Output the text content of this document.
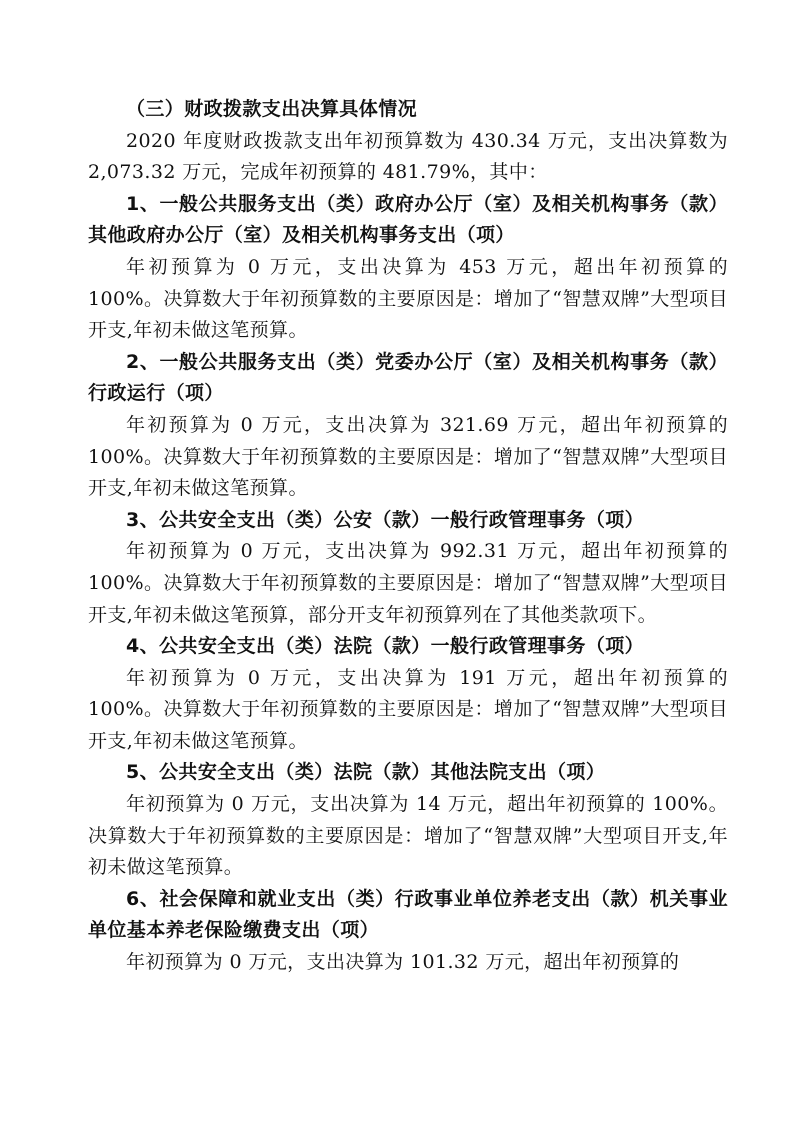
（三）财政拨款支出决算具体情况

2020 年度财政拨款支出年初预算数为 430.34 万元，支出决算数为 2,073.32 万元，完成年初预算的 481.79%，其中：

1、一般公共服务支出（类）政府办公厅（室）及相关机构事务（款）其他政府办公厅（室）及相关机构事务支出（项）

年初预算为 0 万元，支出决算为 453 万元，超出年初预算的 100%。决算数大于年初预算数的主要原因是：增加了“智慧双牌”大型项目开支,年初未做这笔预算。

2、一般公共服务支出（类）党委办公厅（室）及相关机构事务（款）行政运行（项）

年初预算为 0 万元，支出决算为 321.69 万元，超出年初预算的 100%。决算数大于年初预算数的主要原因是：增加了“智慧双牌”大型项目开支,年初未做这笔预算。

3、公共安全支出（类）公安（款）一般行政管理事务（项）

年初预算为 0 万元，支出决算为 992.31 万元，超出年初预算的 100%。决算数大于年初预算数的主要原因是：增加了“智慧双牌”大型项目开支,年初未做这笔预算，部分开支年初预算列在了其他类款项下。

4、公共安全支出（类）法院（款）一般行政管理事务（项）

年初预算为 0 万元，支出决算为 191 万元，超出年初预算的 100%。决算数大于年初预算数的主要原因是：增加了“智慧双牌”大型项目开支,年初未做这笔预算。

5、公共安全支出（类）法院（款）其他法院支出（项）

年初预算为 0 万元，支出决算为 14 万元，超出年初预算的 100%。决算数大于年初预算数的主要原因是：增加了“智慧双牌”大型项目开支,年初未做这笔预算。

6、社会保障和就业支出（类）行政事业单位养老支出（款）机关事业单位基本养老保险缴费支出（项）

年初预算为 0 万元，支出决算为 101.32 万元，超出年初预算的
